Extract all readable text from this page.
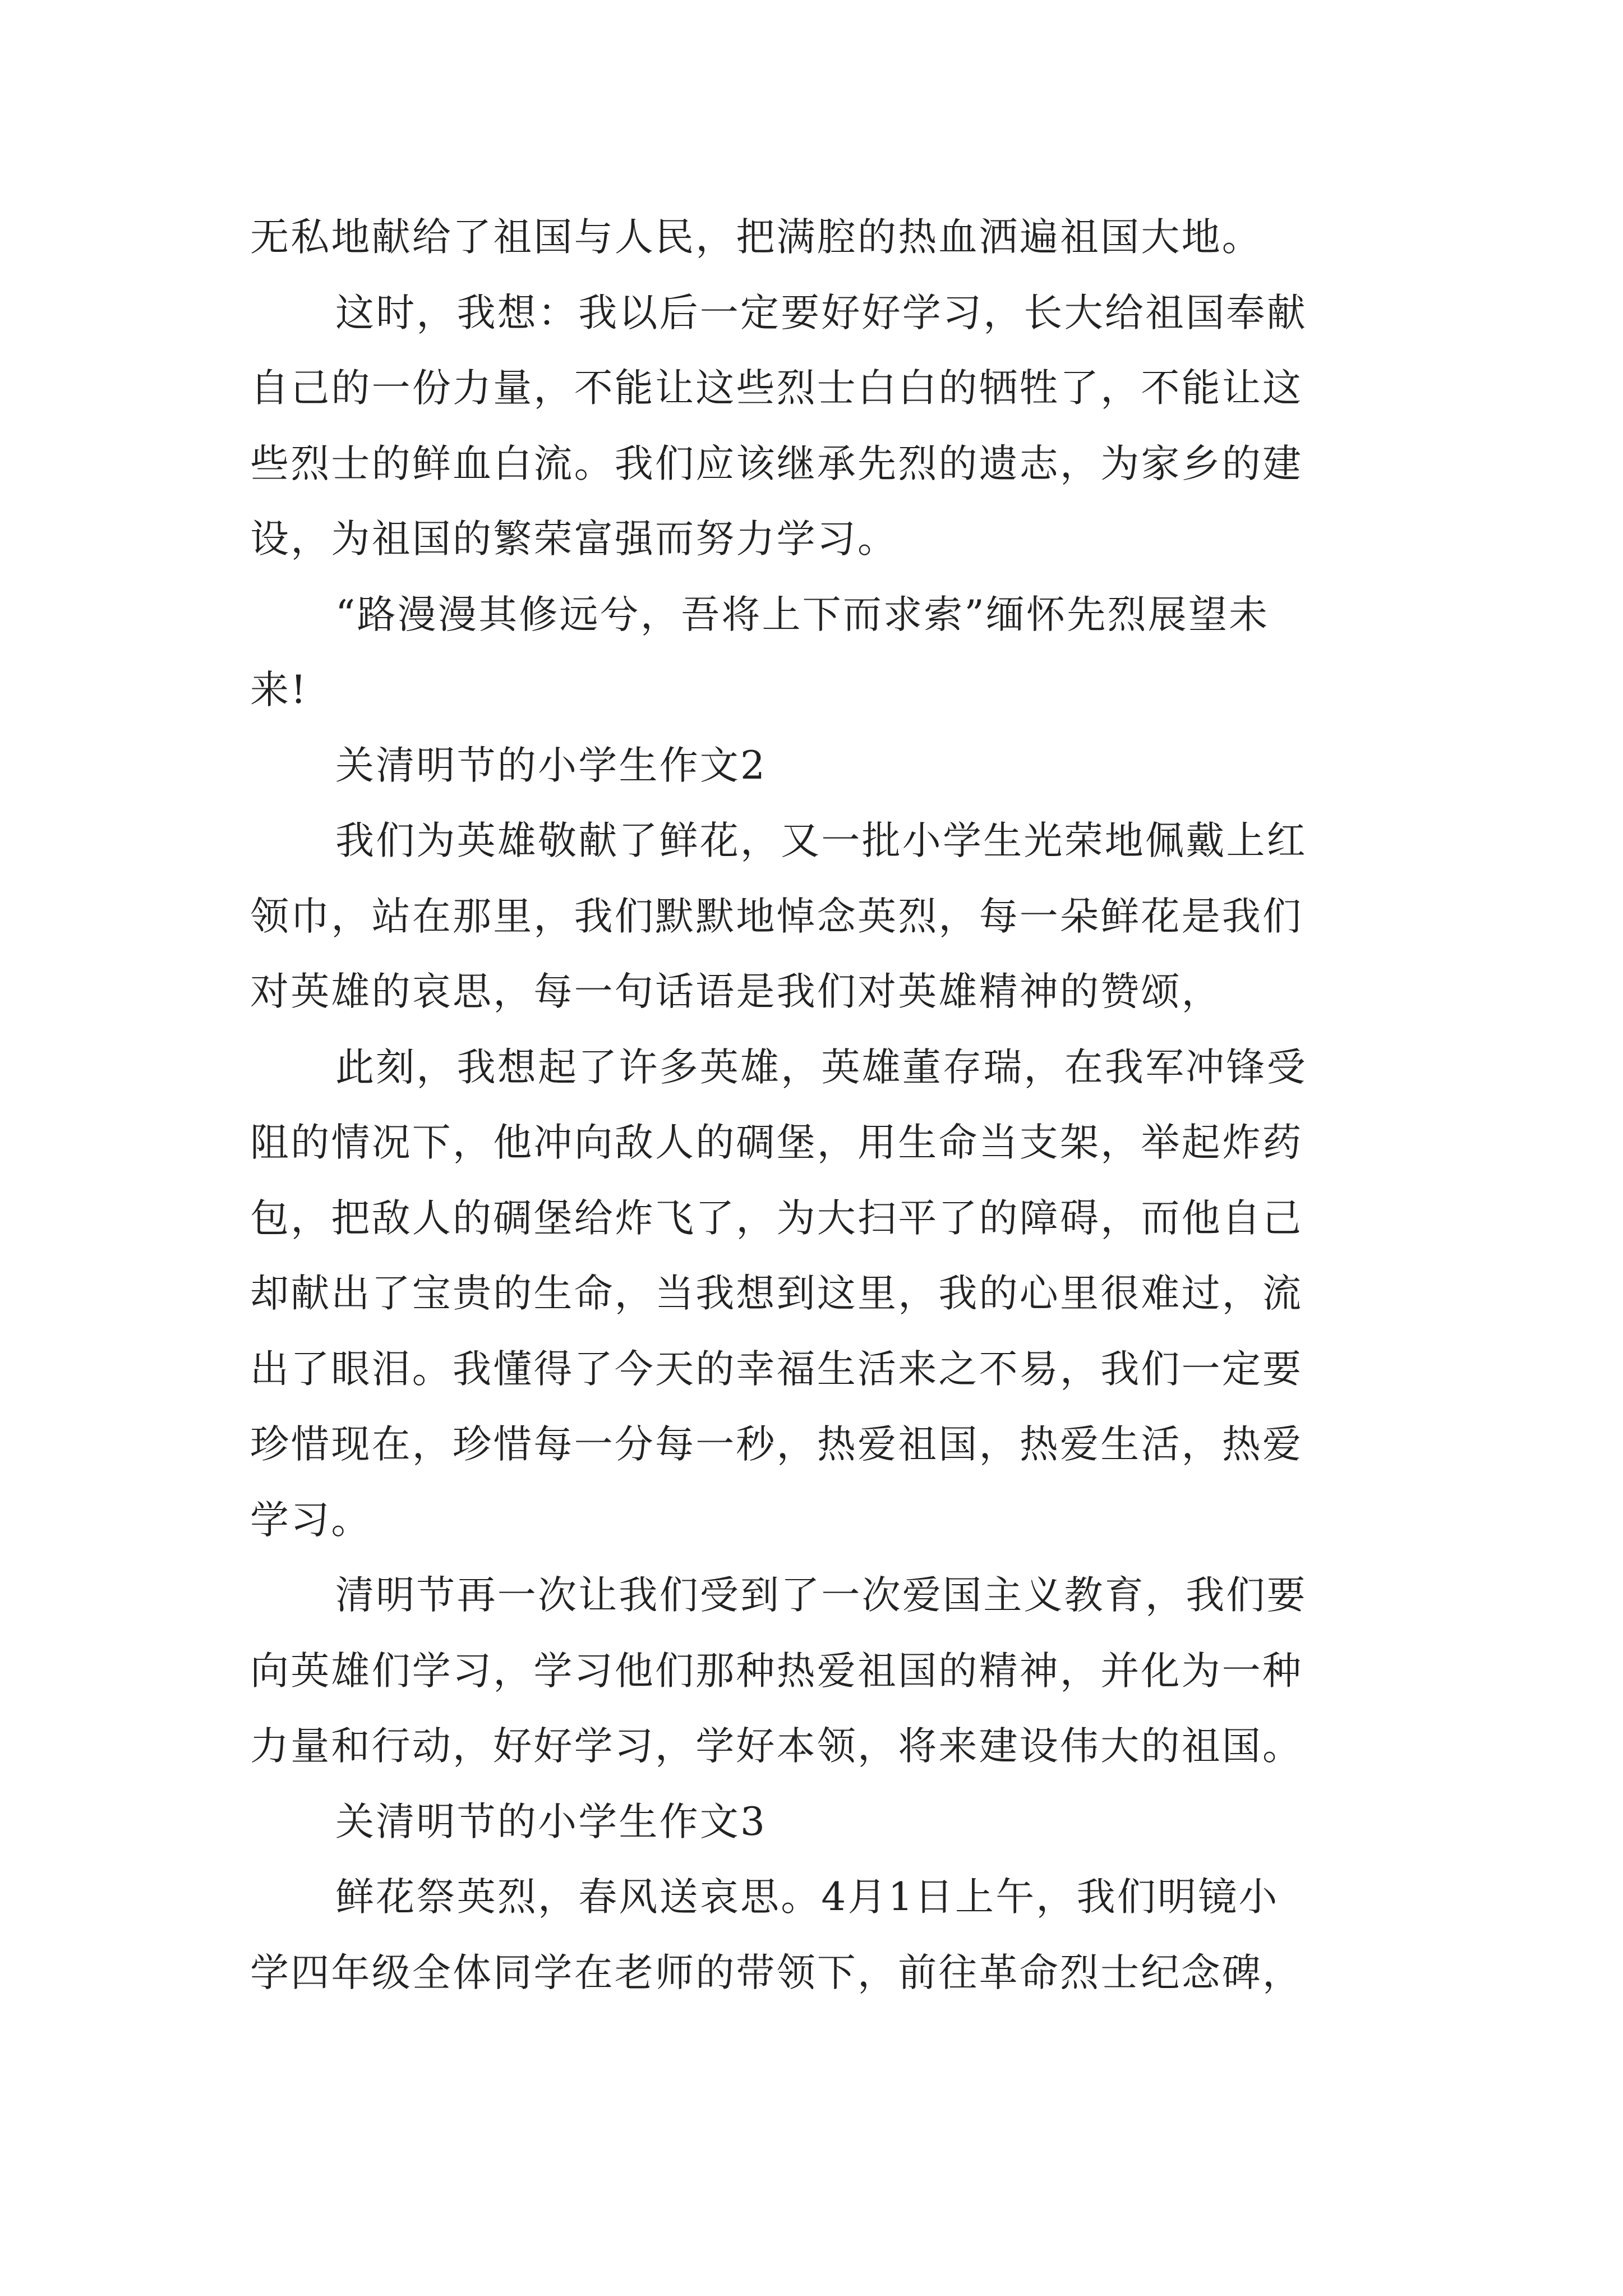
无私地献给了祖国与人民，把满腔的热血洒遍祖国大地。
这时，我想：我以后一定要好好学习，长大给祖国奉献
自己的一份力量，不能让这些烈士白白的牺牲了，不能让这
些烈士的鲜血白流。我们应该继承先烈的遗志，为家乡的建
设，为祖国的繁荣富强而努力学习。
“路漫漫其修远兮，吾将上下而求索”缅怀先烈展望未
来!
关清明节的小学生作文2
我们为英雄敬献了鲜花，又一批小学生光荣地佩戴上红
领巾，站在那里，我们默默地悼念英烈，每一朵鲜花是我们
对英雄的哀思，每一句话语是我们对英雄精神的赞颂，
此刻，我想起了许多英雄，英雄董存瑞，在我军冲锋受
阻的情况下，他冲向敌人的碉堡，用生命当支架，举起炸药
包，把敌人的碉堡给炸飞了，为大扫平了的障碍，而他自己
却献出了宝贵的生命，当我想到这里，我的心里很难过，流
出了眼泪。我懂得了今天的幸福生活来之不易，我们一定要
珍惜现在，珍惜每一分每一秒，热爱祖国，热爱生活，热爱
学习。
清明节再一次让我们受到了一次爱国主义教育，我们要
向英雄们学习，学习他们那种热爱祖国的精神，并化为一种
力量和行动，好好学习，学好本领，将来建设伟大的祖国。
关清明节的小学生作文3
鲜花祭英烈，春风送哀思。4月1日上午，我们明镜小
学四年级全体同学在老师的带领下，前往革命烈士纪念碑，
